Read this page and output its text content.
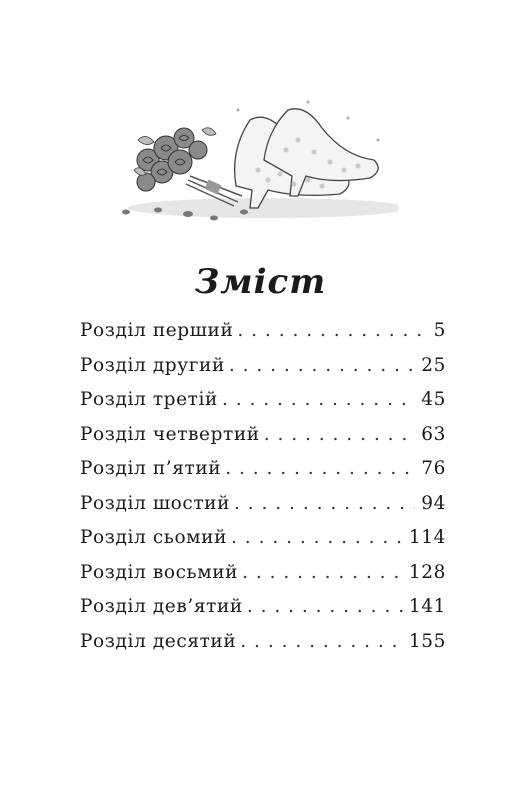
Зміст
Розділ перший . . .	5
Розділ другий . . .	25
Розділ третій . . .	45
Розділ четвертий . . .	63
Розділ п’ятий . . .	76
Розділ шостий . . .	94
Розділ сьомий . . .	114
Розділ восьмий . . .	128
Розділ дев’ятий . . .	141
Розділ десятий . . .	155
